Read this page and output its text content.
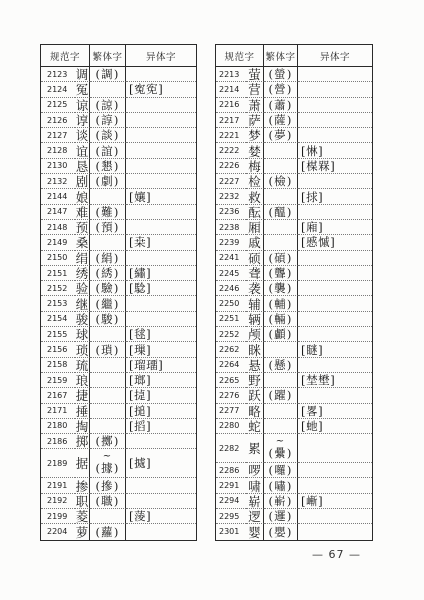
规范字	繁体字	异体字
2123 调 (調)
2124 冤	[寃𡨚]
2125 谅 (諒)
2126 谆 (諄)
2127 谈 (談)
2128 谊 (誼)
2130 恳 (懇)
2132 剧 (劇)
2144 娘	[孃]
2147 难 (難)
2148 预 (預)
2149 桑	[桒]
2150 绢 (絹)
2151 绣 (綉) [繡]
2152 验 (驗) [騐]
2153 继 (繼)
2154 骏 (駿)
2155 球	[毬]
2156 琐 (瑣) [璅]
2158 琉	[瑠璢]
2159 琅	[瑯]
2167 捷	[㨗]
2171 捶	[搥]
2180 掏	[搯]
2186 掷 (擲)
2189 据 ~
(據) [㨿]
2191 掺 (摻)
2192 职 (職)
2199 菱	[蔆]
2204 萝 (蘿)
规范字	繁体字	异体字
2213 萤 (螢)
2214 营 (營)
2216 萧 (蕭)
2217 萨 (薩)
2221 梦 (夢)
2222 婪	[惏]
2226 梅	[楳槑]
2227 检 (檢)
2232 救	[捄]
2236 酝 (醞)
2238 厢	[廂]
2239 戚	[慼慽]
2241 硕 (碩)
2245 聋 (聾)
2246 袭 (襲)
2250 辅 (輔)
2251 辆 (輛)
2252 颅 (顱)
2262 眯	[瞇]
2264 悬 (懸)
2265 野	[埜壄]
2276 跃 (躍)
2277 略	[畧]
2280 蛇	[虵]
2282 累 ~
(纍)
2286 啰 (囉)
2291 啸 (嘯)
2294 崭 (嶄) [嶃]
2295 逻 (邏)
2301 婴 (嬰)
— 67 —
